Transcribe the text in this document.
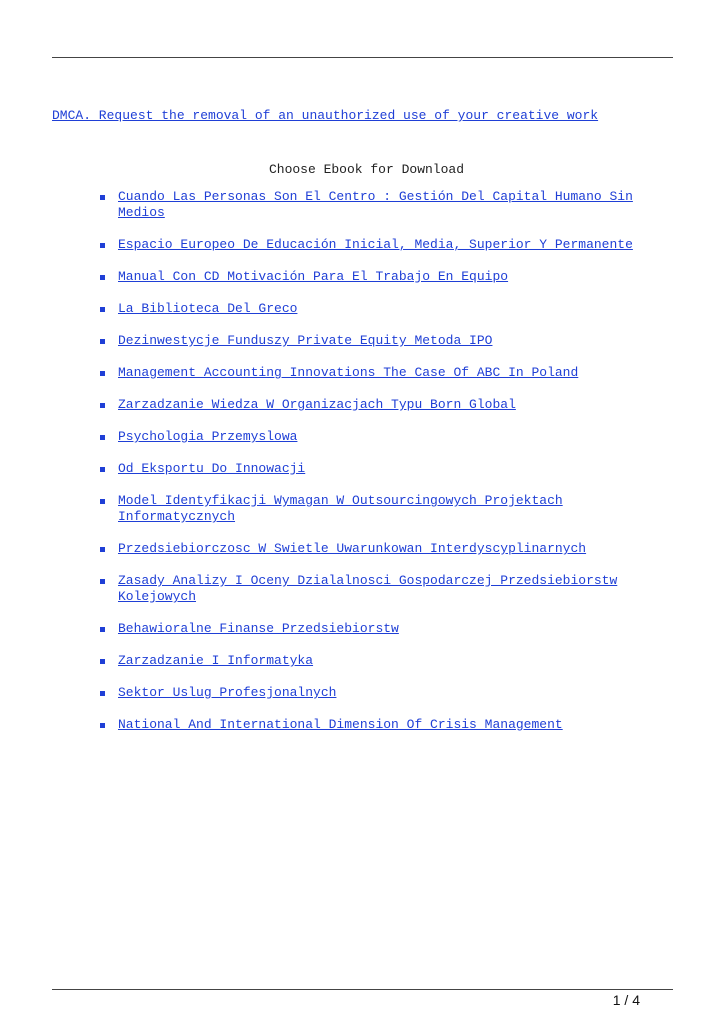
DMCA. Request the removal of an unauthorized use of your creative work
Choose Ebook for Download
Cuando Las Personas Son El Centro : Gestión Del Capital Humano Sin Medios
Espacio Europeo De Educación Inicial, Media, Superior Y Permanente
Manual Con CD Motivación Para El Trabajo En Equipo
La Biblioteca Del Greco
Dezinwestycje Funduszy Private Equity Metoda IPO
Management Accounting Innovations The Case Of ABC In Poland
Zarzadzanie Wiedza W Organizacjach Typu Born Global
Psychologia Przemyslowa
Od Eksportu Do Innowacji
Model Identyfikacji Wymagan W Outsourcingowych Projektach Informatycznych
Przedsiebiorczosc W Swietle Uwarunkowan Interdyscyplinarnych
Zasady Analizy I Oceny Dzialalnosci Gospodarczej Przedsiebiorstw Kolejowych
Behawioralne Finanse Przedsiebiorstw
Zarzadzanie I Informatyka
Sektor Uslug Profesjonalnych
National And International Dimension Of Crisis Management
1 / 4
